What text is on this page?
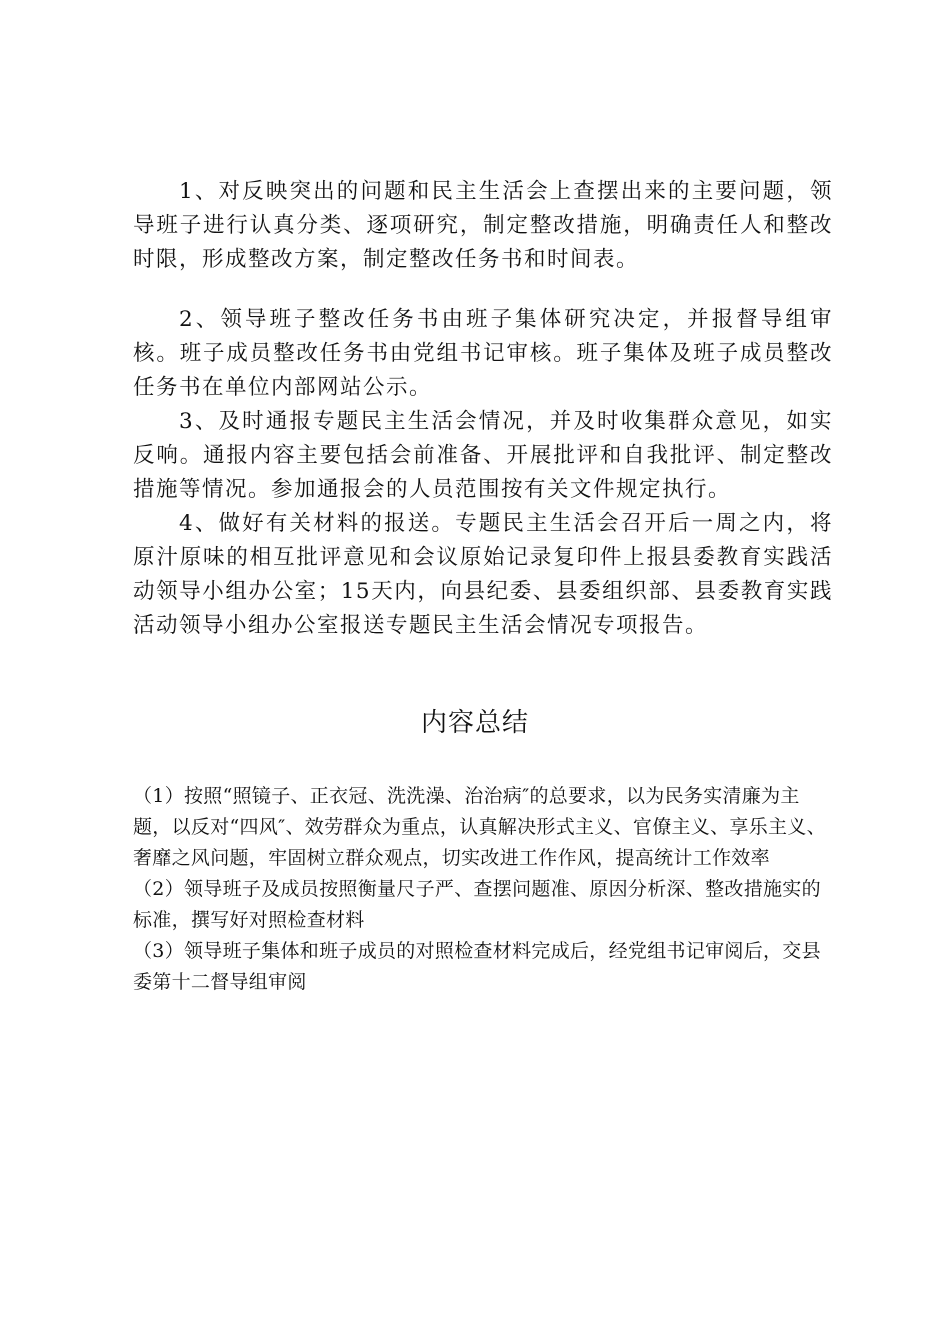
1、对反映突出的问题和民主生活会上查摆出来的主要问题，领导班子进行认真分类、逐项研究，制定整改措施，明确责任人和整改时限，形成整改方案，制定整改任务书和时间表。

2、领导班子整改任务书由班子集体研究决定，并报督导组审核。班子成员整改任务书由党组书记审核。班子集体及班子成员整改任务书在单位内部网站公示。

3、及时通报专题民主生活会情况，并及时收集群众意见，如实反响。通报内容主要包括会前准备、开展批评和自我批评、制定整改措施等情况。参加通报会的人员范围按有关文件规定执行。

4、做好有关材料的报送。专题民主生活会召开后一周之内，将原汁原味的相互批评意见和会议原始记录复印件上报县委教育实践活动领导小组办公室；15天内，向县纪委、县委组织部、县委教育实践活动领导小组办公室报送专题民主生活会情况专项报告。

内容总结

（1）按照“照镜子、正衣冠、洗洗澡、治治病″的总要求，以为民务实清廉为主题，以反对“四风″、效劳群众为重点，认真解决形式主义、官僚主义、享乐主义、奢靡之风问题，牢固树立群众观点，切实改进工作作风，提高统计工作效率

（2）领导班子及成员按照衡量尺子严、查摆问题准、原因分析深、整改措施实的标准，撰写好对照检查材料

（3）领导班子集体和班子成员的对照检查材料完成后，经党组书记审阅后，交县委第十二督导组审阅
